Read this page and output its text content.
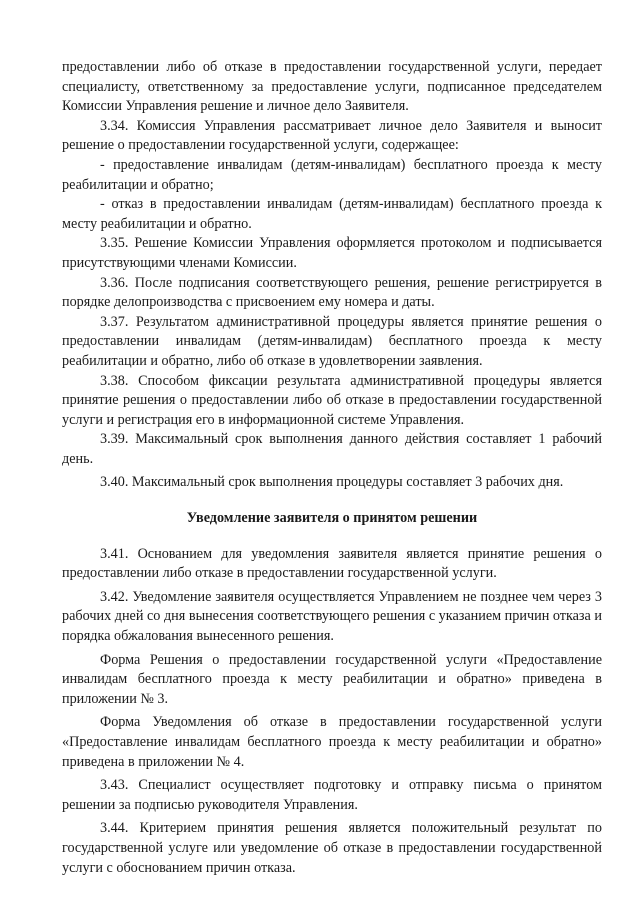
предоставлении либо об отказе в предоставлении государственной услуги, передает специалисту, ответственному за предоставление услуги, подписанное председателем Комиссии Управления решение и личное дело Заявителя.

3.34. Комиссия Управления рассматривает личное дело Заявителя и выносит решение о предоставлении государственной услуги, содержащее:

- предоставление инвалидам (детям-инвалидам) бесплатного проезда к месту реабилитации и обратно;

- отказ в предоставлении инвалидам (детям-инвалидам) бесплатного проезда к месту реабилитации и обратно.

3.35. Решение Комиссии Управления оформляется протоколом и подписывается присутствующими членами Комиссии.

3.36. После подписания соответствующего решения, решение регистрируется в порядке делопроизводства с присвоением ему номера и даты.

3.37. Результатом административной процедуры является принятие решения о предоставлении инвалидам (детям-инвалидам) бесплатного проезда к месту реабилитации и обратно, либо об отказе в удовлетворении заявления.

3.38. Способом фиксации результата административной процедуры является принятие решения о предоставлении либо об отказе в предоставлении государственной услуги и регистрация его в информационной системе Управления.

3.39. Максимальный срок выполнения данного действия составляет 1 рабочий день.

3.40. Максимальный срок выполнения процедуры составляет 3 рабочих дня.

Уведомление заявителя о принятом решении

3.41. Основанием для уведомления заявителя является принятие решения о предоставлении либо отказе в предоставлении государственной услуги.

3.42. Уведомление заявителя осуществляется Управлением не позднее чем через 3 рабочих дней со дня вынесения соответствующего решения с указанием причин отказа и порядка обжалования вынесенного решения.

Форма Решения о предоставлении государственной услуги «Предоставление инвалидам бесплатного проезда к месту реабилитации и обратно» приведена в приложении № 3.

Форма Уведомления об отказе в предоставлении государственной услуги «Предоставление инвалидам бесплатного проезда к месту реабилитации и обратно» приведена в приложении № 4.

3.43. Специалист осуществляет подготовку и отправку письма о принятом решении за подписью руководителя Управления.

3.44. Критерием принятия решения является положительный результат по государственной услуге или уведомление об отказе в предоставлении государственной услуги с обоснованием причин отказа.
